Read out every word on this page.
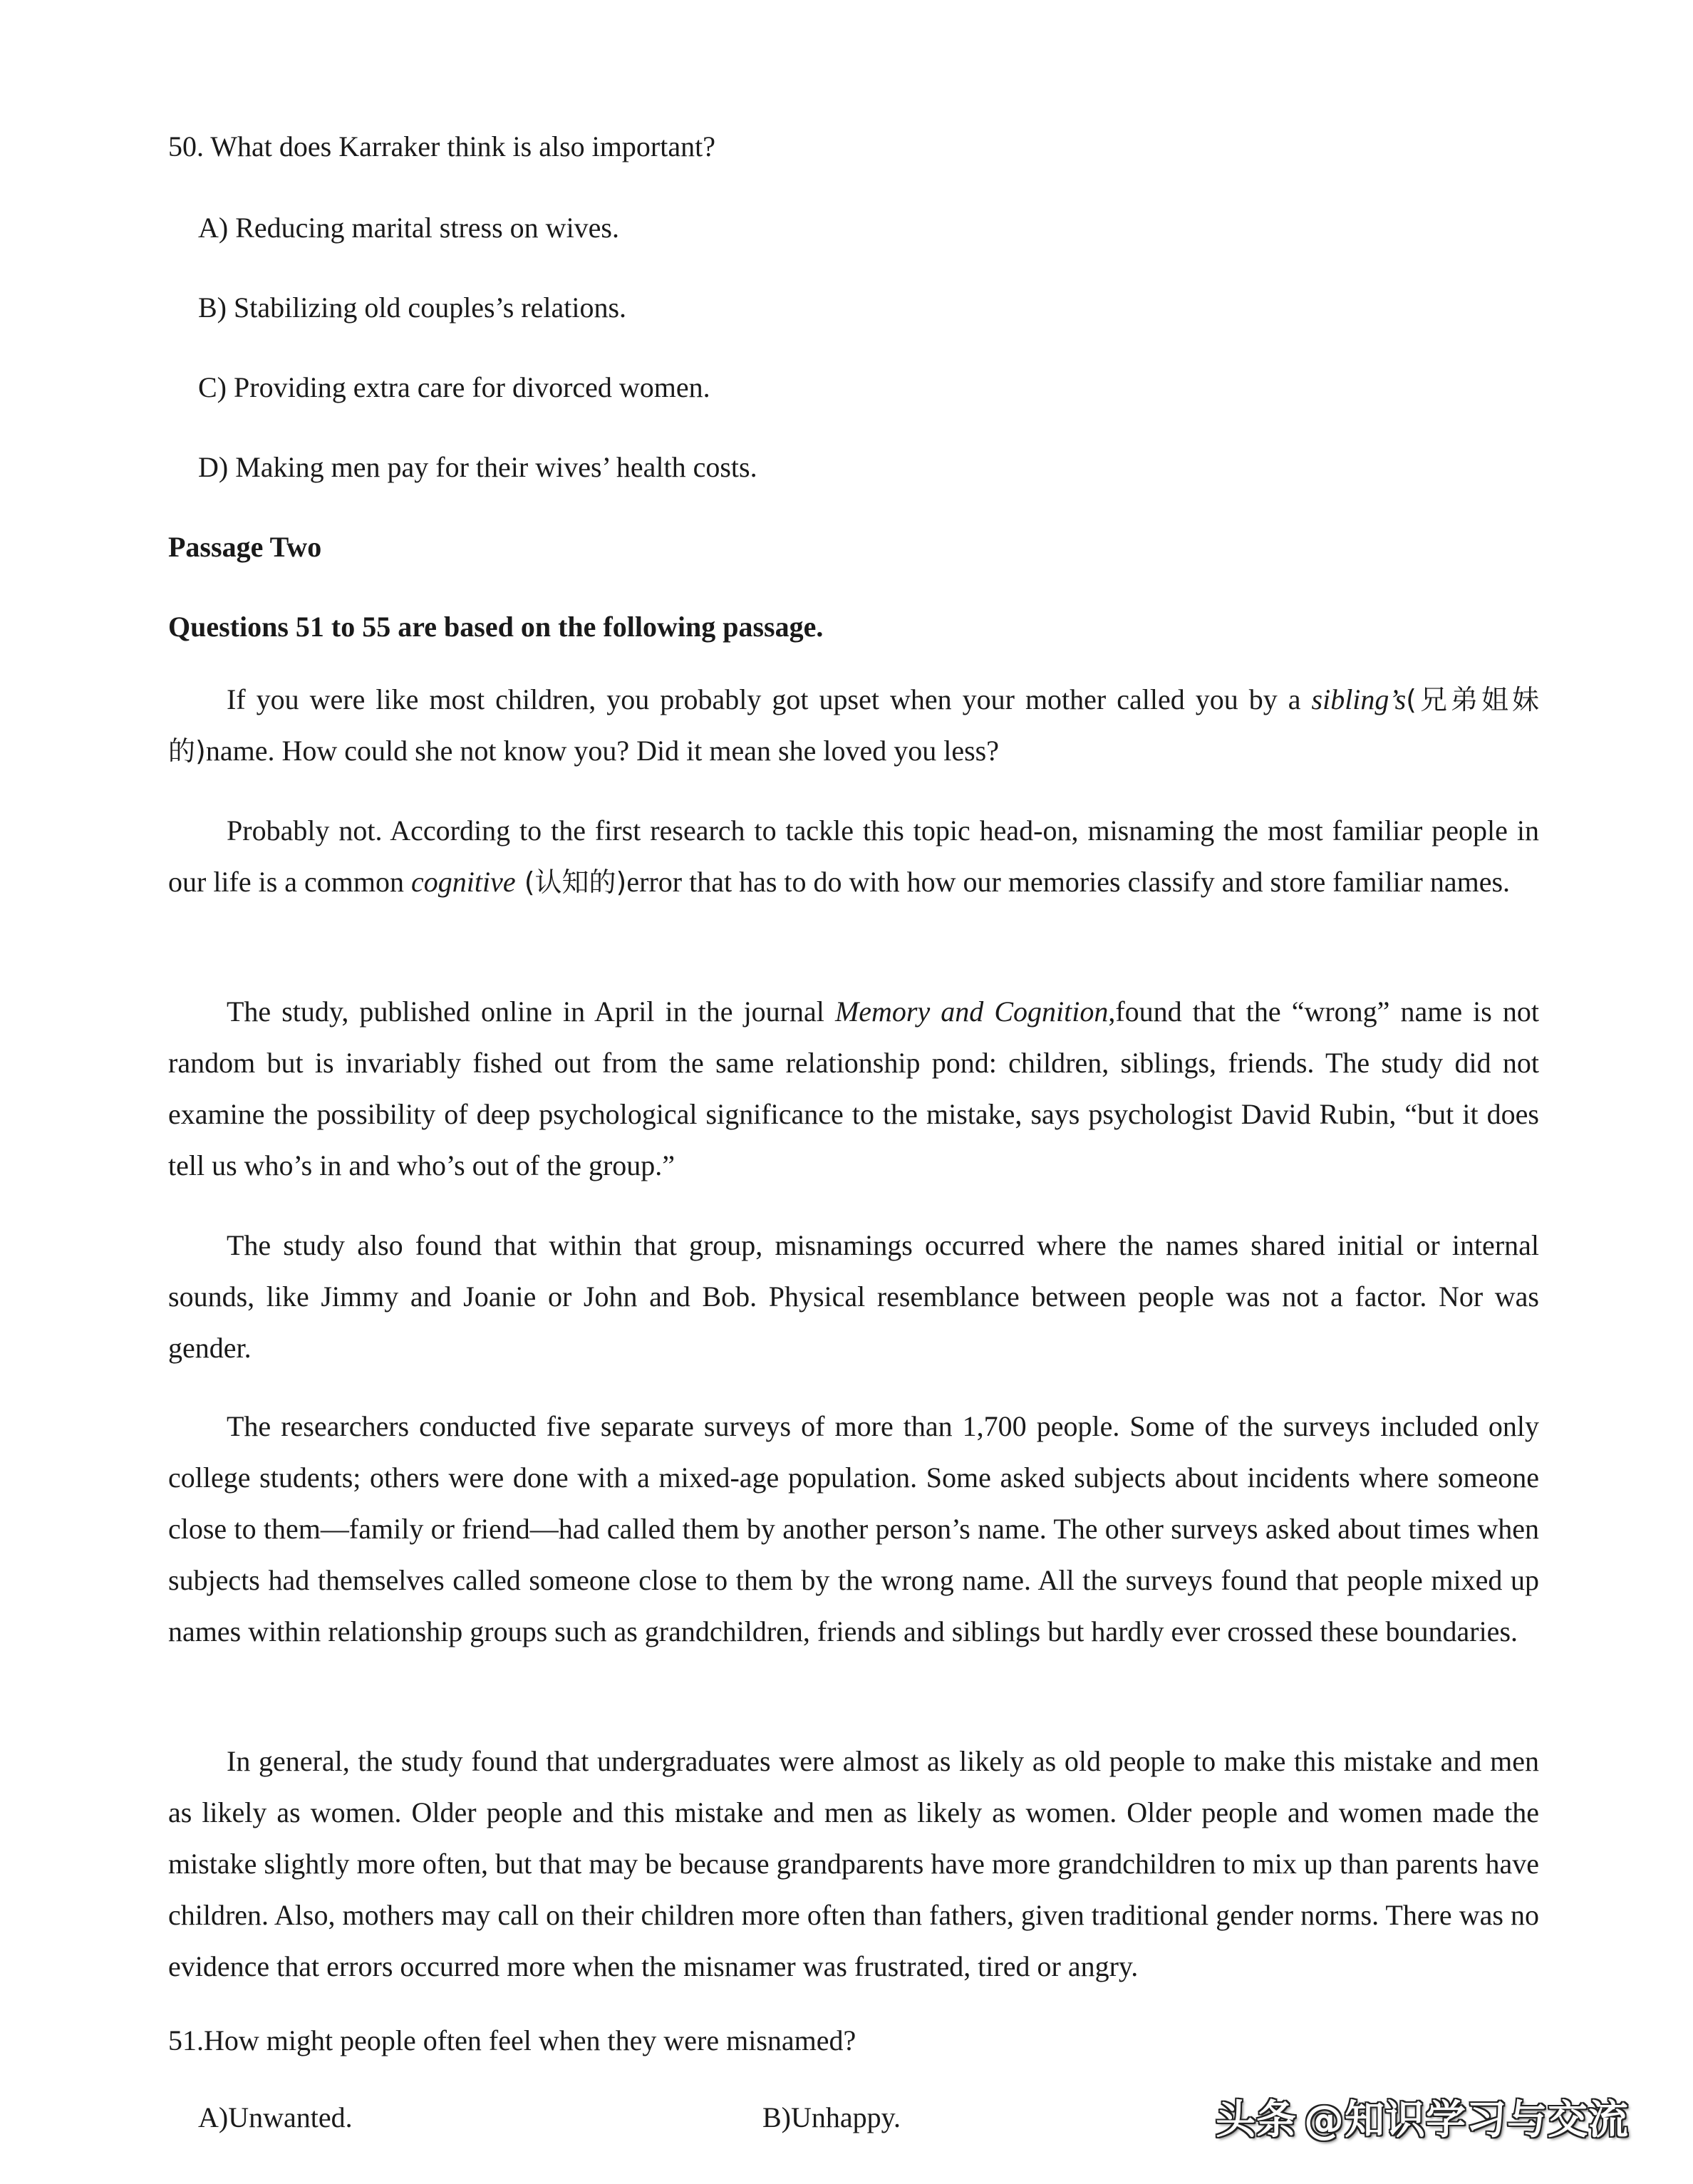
50. What does Karraker think is also important?

A) Reducing marital stress on wives.

B) Stabilizing old couples’s relations.

C) Providing extra care for divorced women.

D) Making men pay for their wives’ health costs.

Passage Two

Questions 51 to 55 are based on the following passage.

If you were like most children, you probably got upset when your mother called you by a sibling’s(兄弟姐妹的)name. How could she not know you? Did it mean she loved you less?

Probably not. According to the first research to tackle this topic head-on, misnaming the most familiar people in our life is a common cognitive (认知的)error that has to do with how our memories classify and store familiar names.

The study, published online in April in the journal Memory and Cognition,found that the “wrong” name is not random but is invariably fished out from the same relationship pond: children, siblings, friends. The study did not examine the possibility of deep psychological significance to the mistake, says psychologist David Rubin, “but it does tell us who’s in and who’s out of the group.”

The study also found that within that group, misnamings occurred where the names shared initial or internal sounds, like Jimmy and Joanie or John and Bob. Physical resemblance between people was not a factor. Nor was gender.

The researchers conducted five separate surveys of more than 1,700 people. Some of the surveys included only college students; others were done with a mixed-age population. Some asked subjects about incidents where someone close to them—family or friend—had called them by another person’s name. The other surveys asked about times when subjects had themselves called someone close to them by the wrong name. All the surveys found that people mixed up names within relationship groups such as grandchildren, friends and siblings but hardly ever crossed these boundaries.

In general, the study found that undergraduates were almost as likely as old people to make this mistake and men as likely as women. Older people and this mistake and men as likely as women. Older people and women made the mistake slightly more often, but that may be because grandparents have more grandchildren to mix up than parents have children. Also, mothers may call on their children more often than fathers, given traditional gender norms. There was no evidence that errors occurred more when the misnamer was frustrated, tired or angry.

51.How might people often feel when they were misnamed?

A)Unwanted.	B)Unhappy.	头条 @知识学习与交流
